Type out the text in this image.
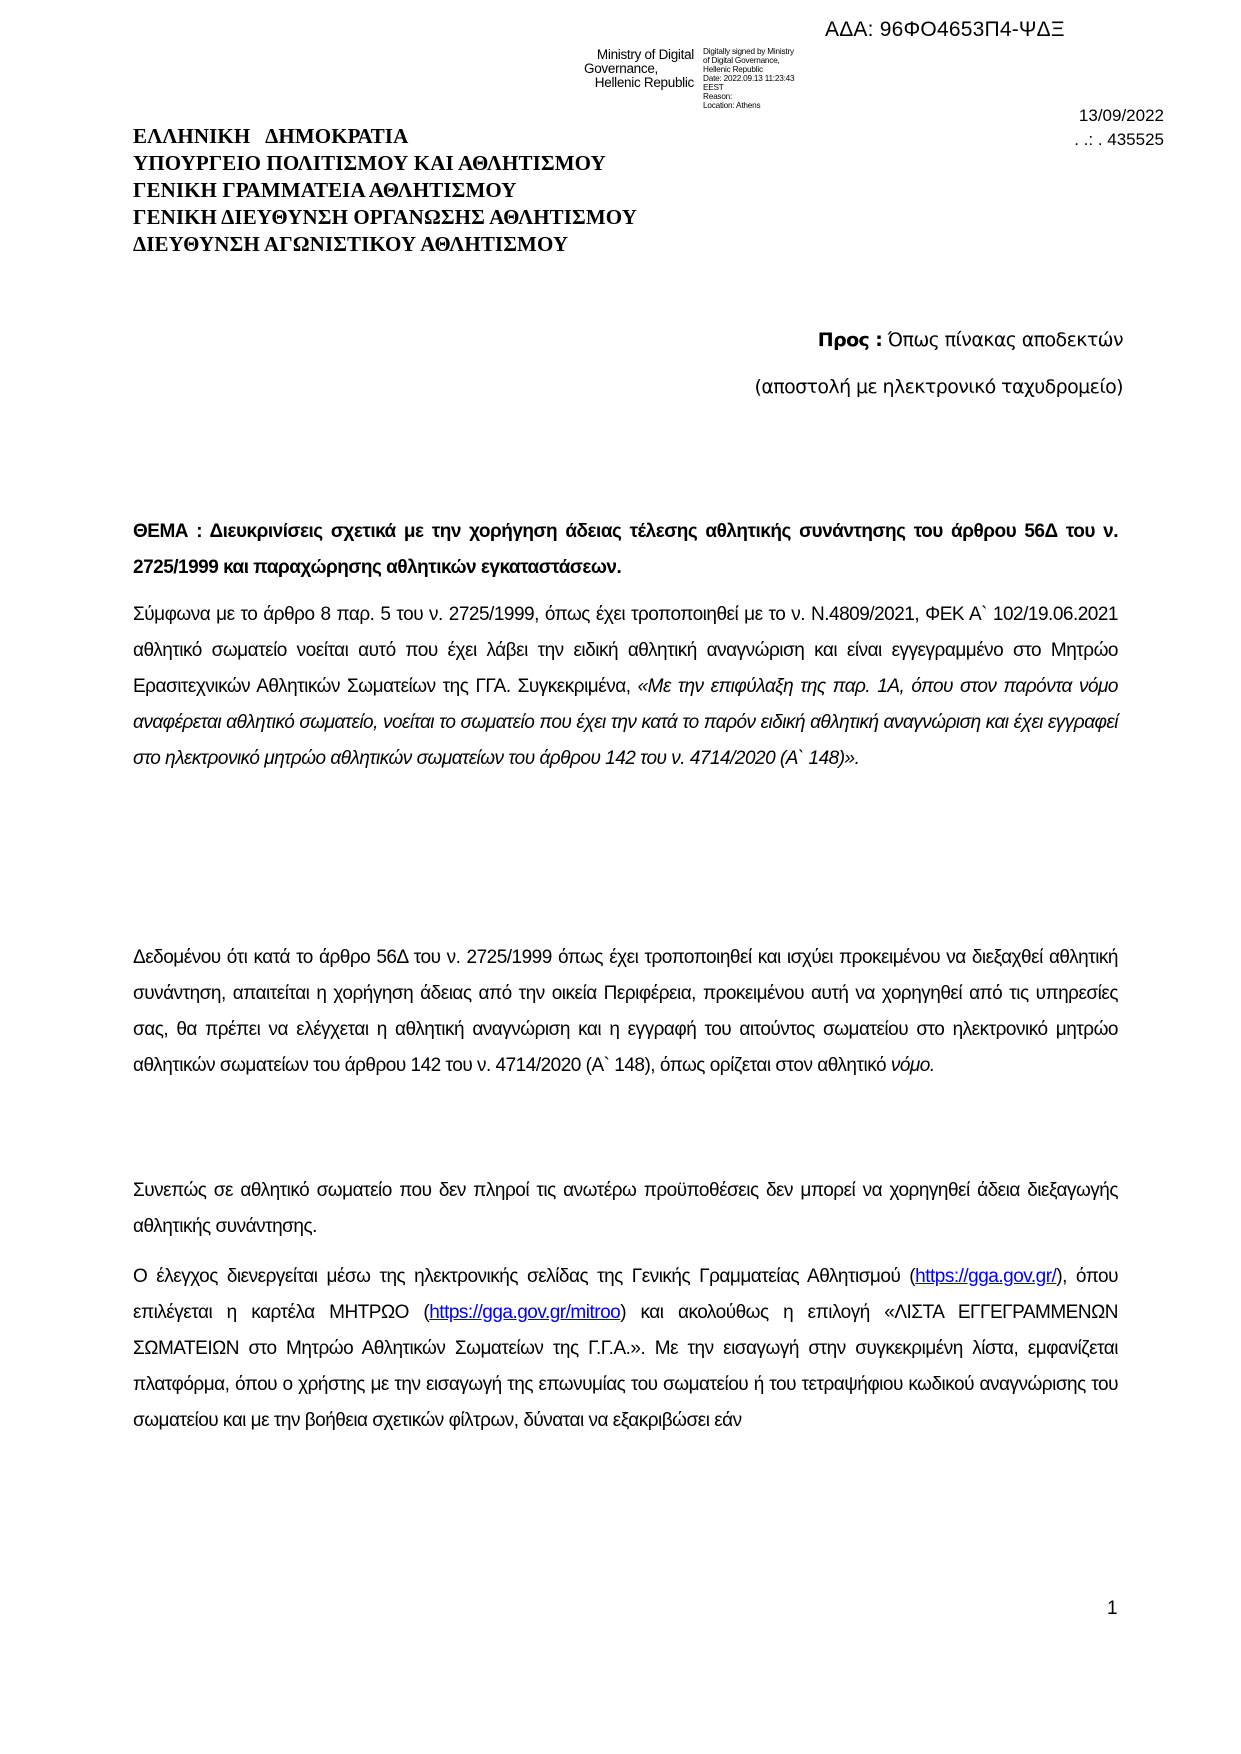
ΑΔΑ: 96ΦΟ4653Π4-ΨΔΞ
Ministry of Digital
Governance,
Hellenic Republic
Digitally signed by Ministry
of Digital Governance,
Hellenic Republic
Date: 2022.09.13 11:23:43
EEST
Reason:
Location: Athens
13/09/2022
. .: . 435525
ΕΛΛΗΝΙΚΗ   ΔΗΜΟΚΡΑΤΙΑ
ΥΠΟΥΡΓΕΙΟ ΠΟΛΙΤΙΣΜΟΥ ΚΑΙ ΑΘΛΗΤΙΣΜΟΥ
ΓΕΝΙΚΗ ΓΡΑΜΜΑΤΕΙΑ ΑΘΛΗΤΙΣΜΟΥ
ΓΕΝΙΚΗ ΔΙΕΥΘΥΝΣΗ ΟΡΓΑΝΩΣΗΣ ΑΘΛΗΤΙΣΜΟΥ
ΔΙΕΥΘΥΝΣΗ ΑΓΩΝΙΣΤΙΚΟΥ ΑΘΛΗΤΙΣΜΟΥ
Προς : Όπως πίνακας αποδεκτών
(αποστολή με ηλεκτρονικό ταχυδρομείο)

ΘΕΜΑ : Διευκρινίσεις σχετικά με την χορήγηση άδειας τέλεσης αθλητικής συνάντησης του άρθρου 56Δ του ν. 2725/1999 και παραχώρησης αθλητικών εγκαταστάσεων.

Σύμφωνα με το άρθρο 8 παρ. 5 του ν. 2725/1999, όπως έχει τροποποιηθεί με το ν. Ν.4809/2021, ΦΕΚ Α` 102/19.06.2021 αθλητικό σωματείο νοείται αυτό που έχει λάβει την ειδική αθλητική αναγνώριση και είναι εγγεγραμμένο στο Μητρώο Ερασιτεχνικών Αθλητικών Σωματείων της ΓΓΑ. Συγκεκριμένα, «Με την επιφύλαξη της παρ. 1Α, όπου στον παρόντα νόμο αναφέρεται αθλητικό σωματείο, νοείται το σωματείο που έχει την κατά το παρόν ειδική αθλητική αναγνώριση και έχει εγγραφεί στο ηλεκτρονικό μητρώο αθλητικών σωματείων του άρθρου 142 του ν. 4714/2020 (Α` 148)».

Δεδομένου ότι κατά το άρθρο 56Δ του ν. 2725/1999 όπως έχει τροποποιηθεί και ισχύει προκειμένου να διεξαχθεί αθλητική συνάντηση, απαιτείται η χορήγηση άδειας από την οικεία Περιφέρεια, προκειμένου αυτή να χορηγηθεί από τις υπηρεσίες σας, θα πρέπει να ελέγχεται η αθλητική αναγνώριση και η εγγραφή του αιτούντος σωματείου στο ηλεκτρονικό μητρώο αθλητικών σωματείων του άρθρου 142 του ν. 4714/2020 (Α` 148), όπως ορίζεται στον αθλητικό νόμο.

Συνεπώς σε αθλητικό σωματείο που δεν πληροί τις ανωτέρω προϋποθέσεις δεν μπορεί να χορηγηθεί άδεια διεξαγωγής αθλητικής συνάντησης.

Ο έλεγχος διενεργείται μέσω της ηλεκτρονικής σελίδας της Γενικής Γραμματείας Αθλητισμού (https://gga.gov.gr/), όπου επιλέγεται η καρτέλα ΜΗΤΡΩΟ (https://gga.gov.gr/mitroo) και ακολούθως η επιλογή «ΛΙΣΤΑ ΕΓΓΕΓΡΑΜΜΕΝΩΝ ΣΩΜΑΤΕΙΩΝ στο Μητρώο Αθλητικών Σωματείων της Γ.Γ.Α.». Με την εισαγωγή στην συγκεκριμένη λίστα, εμφανίζεται πλατφόρμα, όπου ο χρήστης με την εισαγωγή της επωνυμίας του σωματείου ή του τετραψήφιου κωδικού αναγνώρισης του σωματείου και με την βοήθεια σχετικών φίλτρων, δύναται να εξακριβώσει εάν

1
